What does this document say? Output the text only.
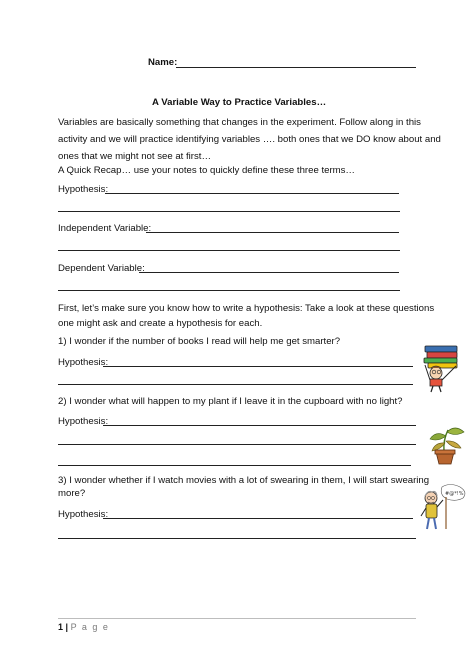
Name:
A Variable Way to Practice Variables…
Variables are basically something that changes in the experiment. Follow along in this
activity and we will practice identifying variables …. both ones that we DO know about and
ones that we might not see at first…
A Quick Recap… use your notes to quickly define these three terms…
Hypothesis:
Independent Variable:
Dependent Variable:
First, let’s make sure you know how to write a hypothesis: Take a look at these questions
one might ask and create a hypothesis for each.
1) I wonder if the number of books I read will help me get smarter?
Hypothesis:
2) I wonder what will happen to my plant if I leave it in the cupboard with no light?
Hypothesis:
3) I wonder whether if I watch movies with a lot of swearing in them, I will start swearing
more?
Hypothesis:
#@*!%
1 | P a g e
